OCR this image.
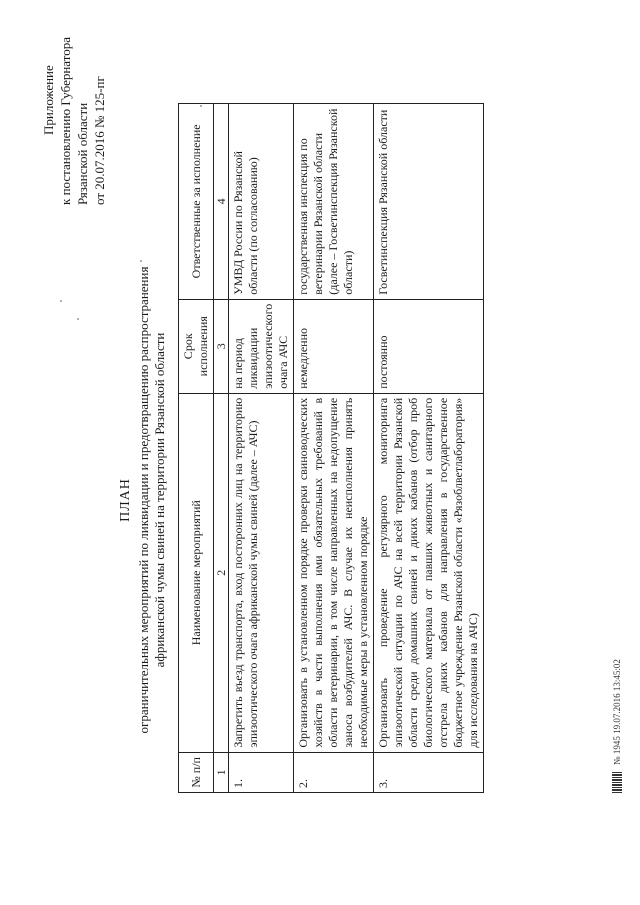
Приложение к постановлению Губернатора Рязанской области от 20.07.2016 № 125-пг
ПЛАН ограничительных мероприятий по ликвидации и предотвращению распространения африканской чумы свиней на территории Рязанской области
№ п/п	Наименование мероприятий	Срок исполнения	Ответственные за исполнение
1	2	3	4
1.	Запретить въезд транспорта, вход посторонних лиц на территорию эпизоотического очага африканской чумы свиней (далее – АЧС)	на период ликвидации эпизоотического очага АЧС	УМВД России по Рязанской области (по согласованию)
2.	Организовать в установленном порядке проверки свиноводческих хозяйств в части выполнения ими обязательных требований в области ветеринарии, в том числе направленных на недопущение заноса возбудителей АЧС. В случае их неисполнения принять необходимые меры в установленном порядке	немедленно	государственная инспекция по ветеринарии Рязанской области (далее – Госветинспекция Рязанской области)
3.	Организовать проведение регулярного мониторинга эпизоотической ситуации по АЧС на всей территории Рязанской области среди домашних свиней и диких кабанов (отбор проб биологического материала от павших животных и санитарного отстрела диких кабанов для направления в государственное бюджетное учреждение Рязанской области «Рязоблветлаборатория» для исследования на АЧС)	постоянно	Госветинспекция Рязанской области
№ 1945 19.07.2016 13:45:02
